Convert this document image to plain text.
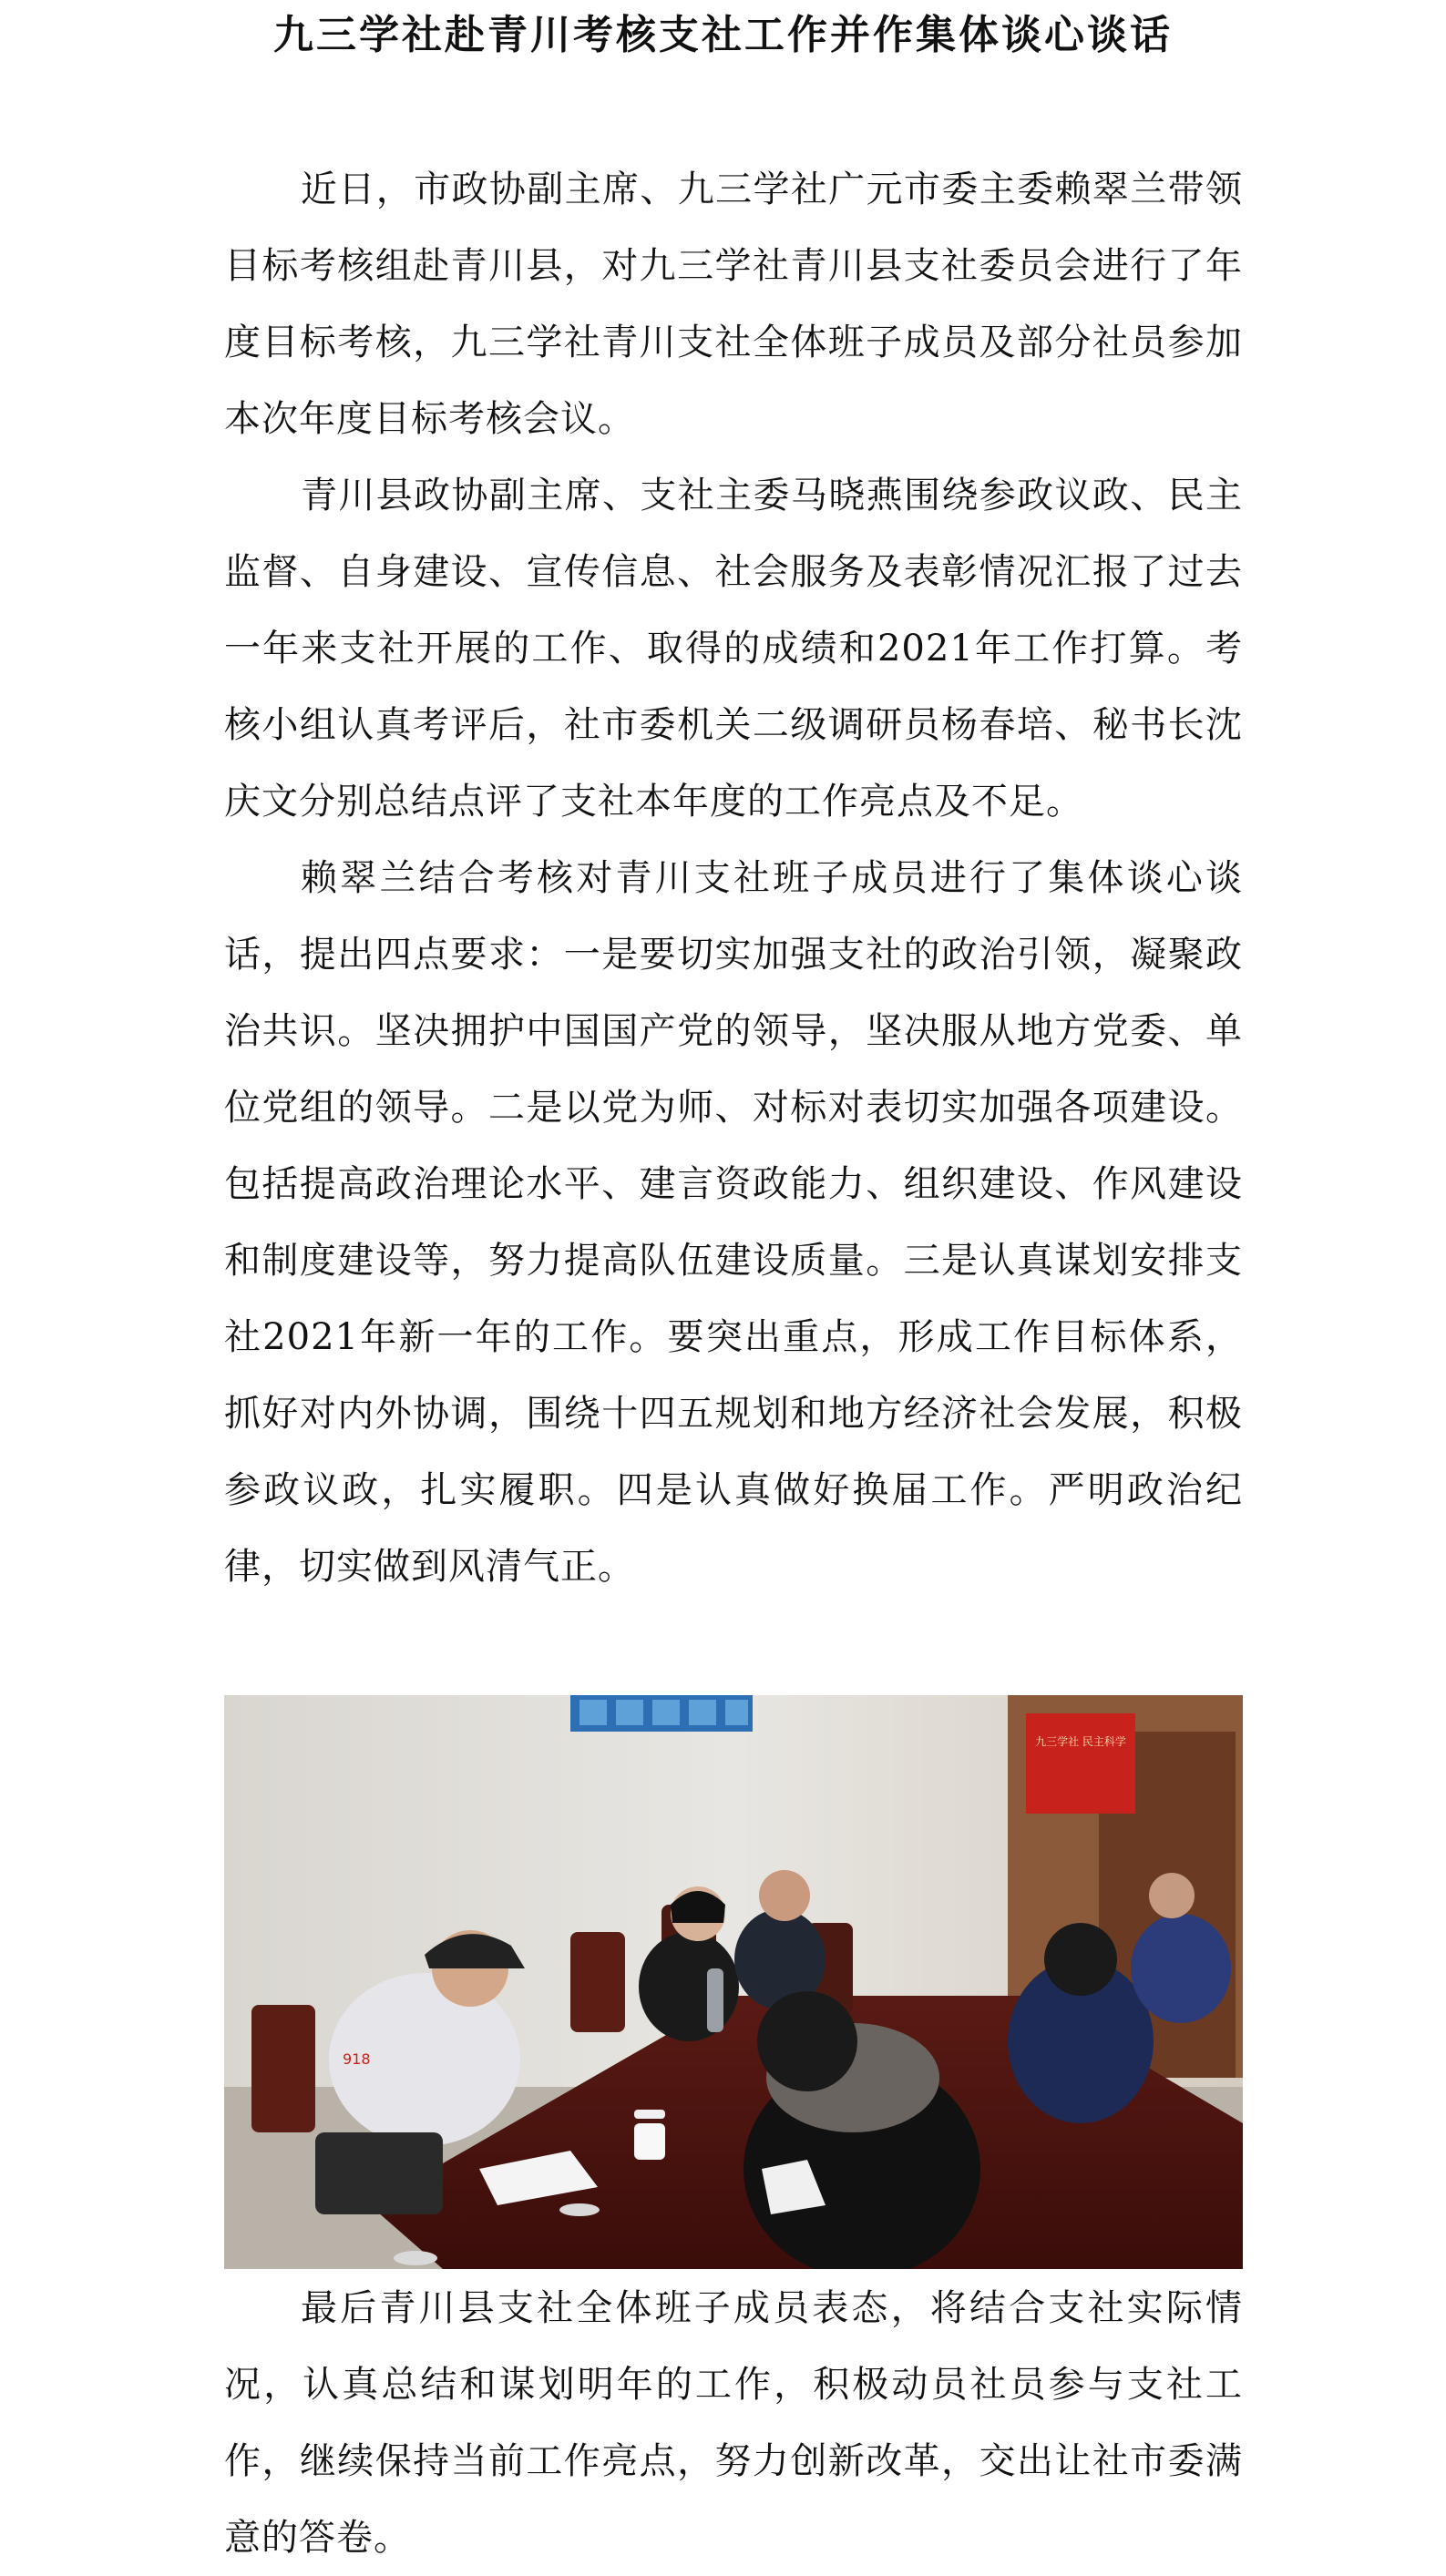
九三学社赴青川考核支社工作并作集体谈心谈话

近日，市政协副主席、九三学社广元市委主委赖翠兰带领目标考核组赴青川县，对九三学社青川县支社委员会进行了年度目标考核，九三学社青川支社全体班子成员及部分社员参加本次年度目标考核会议。

青川县政协副主席、支社主委马晓燕围绕参政议政、民主监督、自身建设、宣传信息、社会服务及表彰情况汇报了过去一年来支社开展的工作、取得的成绩和2021年工作打算。考核小组认真考评后，社市委机关二级调研员杨春培、秘书长沈庆文分别总结点评了支社本年度的工作亮点及不足。

赖翠兰结合考核对青川支社班子成员进行了集体谈心谈话，提出四点要求：一是要切实加强支社的政治引领，凝聚政治共识。坚决拥护中国国产党的领导，坚决服从地方党委、单位党组的领导。二是以党为师、对标对表切实加强各项建设。包括提高政治理论水平、建言资政能力、组织建设、作风建设和制度建设等，努力提高队伍建设质量。三是认真谋划安排支社2021年新一年的工作。要突出重点，形成工作目标体系，抓好对内外协调，围绕十四五规划和地方经济社会发展，积极参政议政，扎实履职。四是认真做好换届工作。严明政治纪律，切实做到风清气正。

九三学社 民主科学
918

最后青川县支社全体班子成员表态，将结合支社实际情况，认真总结和谋划明年的工作，积极动员社员参与支社工作，继续保持当前工作亮点，努力创新改革，交出让社市委满意的答卷。
